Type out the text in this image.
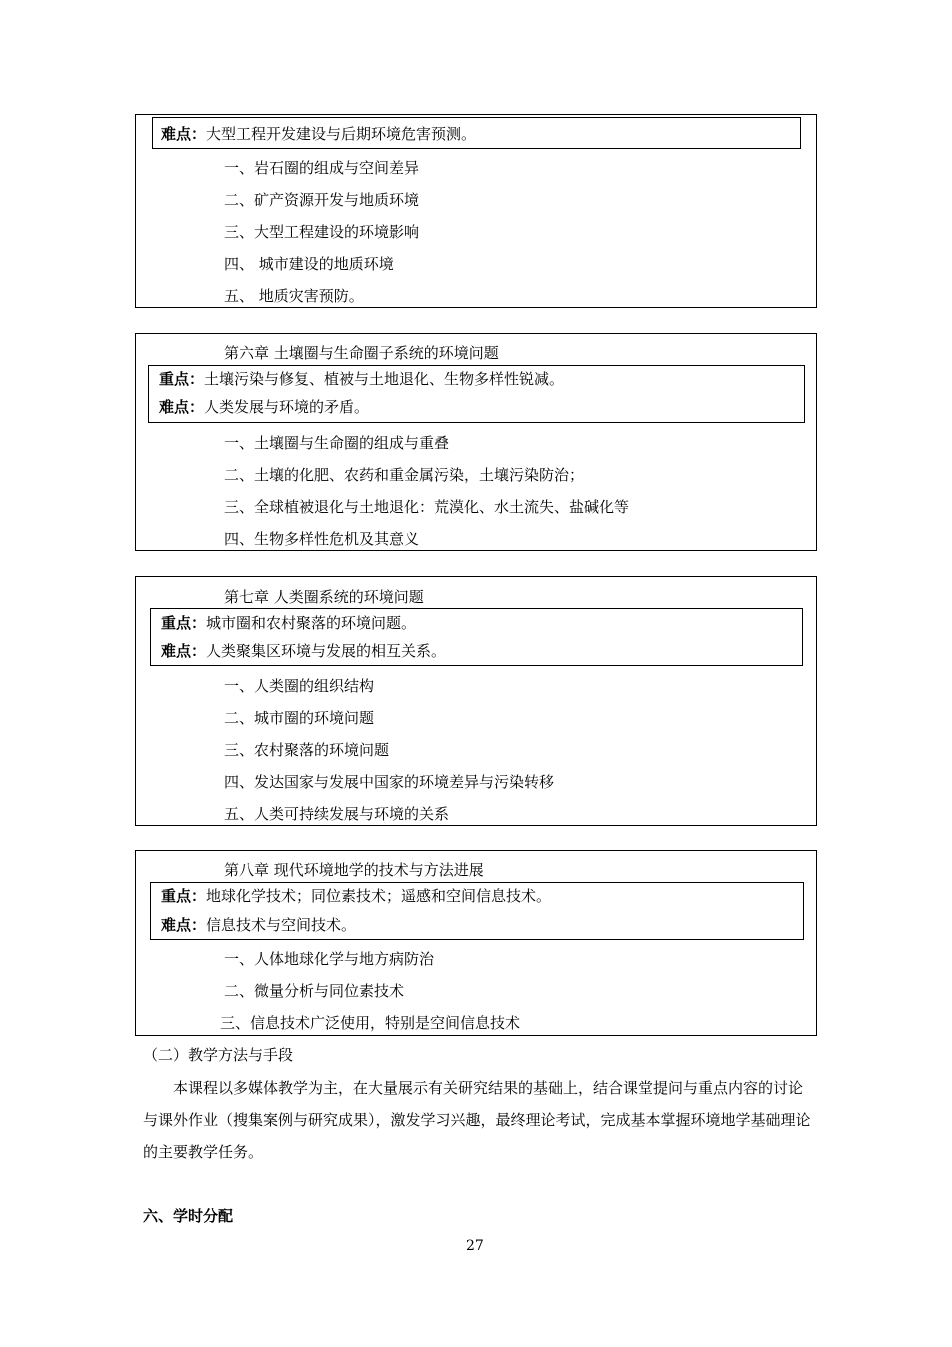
难点：大型工程开发建设与后期环境危害预测。
一、岩石圈的组成与空间差异
二、矿产资源开发与地质环境
三、大型工程建设的环境影响
四、 城市建设的地质环境
五、 地质灾害预防。
第六章 土壤圈与生命圈子系统的环境问题
重点：土壤污染与修复、植被与土地退化、生物多样性锐减。
难点：人类发展与环境的矛盾。
一、土壤圈与生命圈的组成与重叠
二、土壤的化肥、农药和重金属污染，土壤污染防治；
三、全球植被退化与土地退化：荒漠化、水土流失、盐碱化等
四、生物多样性危机及其意义
第七章 人类圈系统的环境问题
重点：城市圈和农村聚落的环境问题。
难点：人类聚集区环境与发展的相互关系。
一、人类圈的组织结构
二、城市圈的环境问题
三、农村聚落的环境问题
四、发达国家与发展中国家的环境差异与污染转移
五、人类可持续发展与环境的关系
第八章 现代环境地学的技术与方法进展
重点：地球化学技术；同位素技术；遥感和空间信息技术。
难点：信息技术与空间技术。
一、人体地球化学与地方病防治
二、微量分析与同位素技术
三、信息技术广泛使用，特别是空间信息技术
（二）教学方法与手段
本课程以多媒体教学为主，在大量展示有关研究结果的基础上，结合课堂提问与重点内容的讨论与课外作业（搜集案例与研究成果），激发学习兴趣，最终理论考试，完成基本掌握环境地学基础理论的主要教学任务。
六、学时分配
27
